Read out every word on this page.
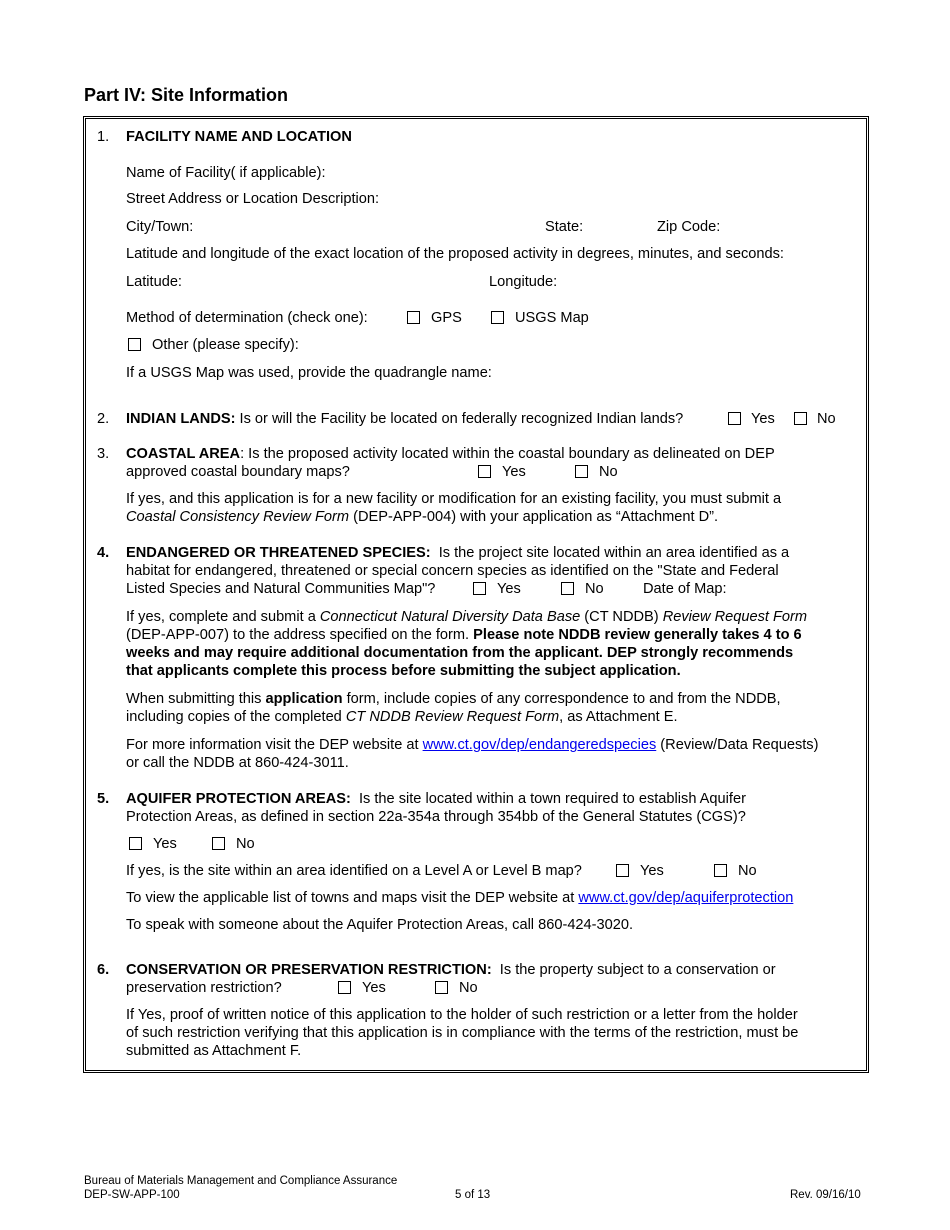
Part IV: Site Information
1. FACILITY NAME AND LOCATION
Name of Facility( if applicable):
Street Address or Location Description:
City/Town:	State:	Zip Code:
Latitude and longitude of the exact location of the proposed activity in degrees, minutes, and seconds:
Latitude:	Longitude:
Method of determination (check one):	GPS	USGS Map
Other (please specify):
If a USGS Map was used, provide the quadrangle name:
2. INDIAN LANDS: Is or will the Facility be located on federally recognized Indian lands?	Yes	No
3. COASTAL AREA: Is the proposed activity located within the coastal boundary as delineated on DEP
approved coastal boundary maps?	Yes	No
If yes, and this application is for a new facility or modification for an existing facility, you must submit a
Coastal Consistency Review Form (DEP-APP-004) with your application as “Attachment D”.
4. ENDANGERED OR THREATENED SPECIES:  Is the project site located within an area identified as a
habitat for endangered, threatened or special concern species as identified on the "State and Federal
Listed Species and Natural Communities Map"?	Yes	No	Date of Map:
If yes, complete and submit a Connecticut Natural Diversity Data Base (CT NDDB) Review Request Form
(DEP-APP-007) to the address specified on the form. Please note NDDB review generally takes 4 to 6
weeks and may require additional documentation from the applicant. DEP strongly recommends
that applicants complete this process before submitting the subject application.
When submitting this application form, include copies of any correspondence to and from the NDDB,
including copies of the completed CT NDDB Review Request Form, as Attachment E.
For more information visit the DEP website at www.ct.gov/dep/endangeredspecies (Review/Data Requests)
or call the NDDB at 860-424-3011.
5. AQUIFER PROTECTION AREAS:  Is the site located within a town required to establish Aquifer
Protection Areas, as defined in section 22a-354a through 354bb of the General Statutes (CGS)?
Yes	No
If yes, is the site within an area identified on a Level A or Level B map?	Yes	No
To view the applicable list of towns and maps visit the DEP website at www.ct.gov/dep/aquiferprotection
To speak with someone about the Aquifer Protection Areas, call 860-424-3020.
6. CONSERVATION OR PRESERVATION RESTRICTION:  Is the property subject to a conservation or
preservation restriction?	Yes	No
If Yes, proof of written notice of this application to the holder of such restriction or a letter from the holder
of such restriction verifying that this application is in compliance with the terms of the restriction, must be
submitted as Attachment F.
Bureau of Materials Management and Compliance Assurance
DEP-SW-APP-100	5 of 13	Rev. 09/16/10
